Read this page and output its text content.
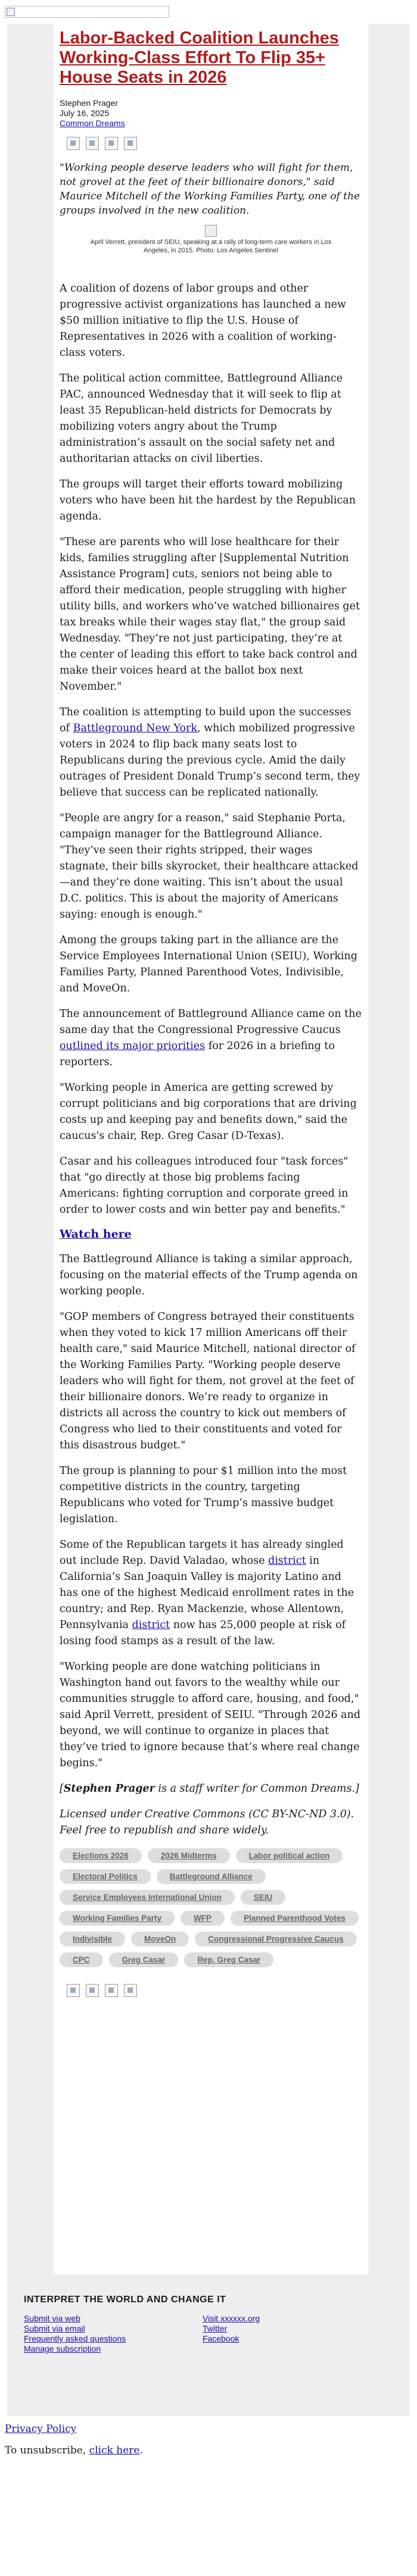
Labor-Backed Coalition Launches Working-Class Effort To Flip 35+ House Seats in 2026
Stephen Prager
July 16, 2025
Common Dreams
"Working people deserve leaders who will fight for them, not grovel at the feet of their billionaire donors," said Maurice Mitchell of the Working Families Party, one of the groups involved in the new coalition.
April Verrett, president of SEIU, speaking at a rally of long-term care workers in Los Angeles, in 2015. Photo: Los Angeles Sentinel

A coalition of dozens of labor groups and other progressive activist organizations has launched a new $50 million initiative to flip the U.S. House of Representatives in 2026 with a coalition of working-class voters.

The political action committee, Battleground Alliance PAC, announced Wednesday that it will seek to flip at least 35 Republican-held districts for Democrats by mobilizing voters angry about the Trump administration’s assault on the social safety net and authoritarian attacks on civil liberties.

The groups will target their efforts toward mobilizing voters who have been hit the hardest by the Republican agenda.

"These are parents who will lose healthcare for their kids, families struggling after [Supplemental Nutrition Assistance Program] cuts, seniors not being able to afford their medication, people struggling with higher utility bills, and workers who’ve watched billionaires get tax breaks while their wages stay flat," the group said Wednesday. "They’re not just participating, they’re at the center of leading this effort to take back control and make their voices heard at the ballot box next November."

The coalition is attempting to build upon the successes of Battleground New York, which mobilized progressive voters in 2024 to flip back many seats lost to Republicans during the previous cycle. Amid the daily outrages of President Donald Trump’s second term, they believe that success can be replicated nationally.

"People are angry for a reason," said Stephanie Porta, campaign manager for the Battleground Alliance. "They’ve seen their rights stripped, their wages stagnate, their bills skyrocket, their healthcare attacked—and they’re done waiting. This isn’t about the usual D.C. politics. This is about the majority of Americans saying: enough is enough."

Among the groups taking part in the alliance are the Service Employees International Union (SEIU), Working Families Party, Planned Parenthood Votes, Indivisible, and MoveOn.

The announcement of Battleground Alliance came on the same day that the Congressional Progressive Caucus outlined its major priorities for 2026 in a briefing to reporters.

"Working people in America are getting screwed by corrupt politicians and big corporations that are driving costs up and keeping pay and benefits down," said the caucus's chair, Rep. Greg Casar (D-Texas).

Casar and his colleagues introduced four "task forces" that "go directly at those big problems facing Americans: fighting corruption and corporate greed in order to lower costs and win better pay and benefits."

Watch here

The Battleground Alliance is taking a similar approach, focusing on the material effects of the Trump agenda on working people.

"GOP members of Congress betrayed their constituents when they voted to kick 17 million Americans off their health care," said Maurice Mitchell, national director of the Working Families Party. "Working people deserve leaders who will fight for them, not grovel at the feet of their billionaire donors. We’re ready to organize in districts all across the country to kick out members of Congress who lied to their constituents and voted for this disastrous budget."

The group is planning to pour $1 million into the most competitive districts in the country, targeting Republicans who voted for Trump’s massive budget legislation.

Some of the Republican targets it has already singled out include Rep. David Valadao, whose district in California’s San Joaquin Valley is majority Latino and has one of the highest Medicaid enrollment rates in the country; and Rep. Ryan Mackenzie, whose Allentown, Pennsylvania district now has 25,000 people at risk of losing food stamps as a result of the law.

"Working people are done watching politicians in Washington hand out favors to the wealthy while our communities struggle to afford care, housing, and food," said April Verrett, president of SEIU. "Through 2026 and beyond, we will continue to organize in places that they’ve tried to ignore because that’s where real change begins."

[Stephen Prager is a staff writer for Common Dreams.]
Licensed under Creative Commons (CC BY-NC-ND 3.0). Feel free to republish and share widely.
Elections 2026	2026 Midterms	Labor political action
Electoral Politics	Battleground Alliance
Service Employees International Union	SEIU
Working Families Party	WFP	Planned Parenthood Votes
Indivisible	MoveOn	Congressional Progressive Caucus
CPC	Greg Casar	Rep. Greg Casar
INTERPRET THE WORLD AND CHANGE IT
Submit via web
Submit via email
Frequently asked questions
Manage subscription
Visit xxxxxx.org
Twitter
Facebook
Privacy Policy
To unsubscribe, click here.
